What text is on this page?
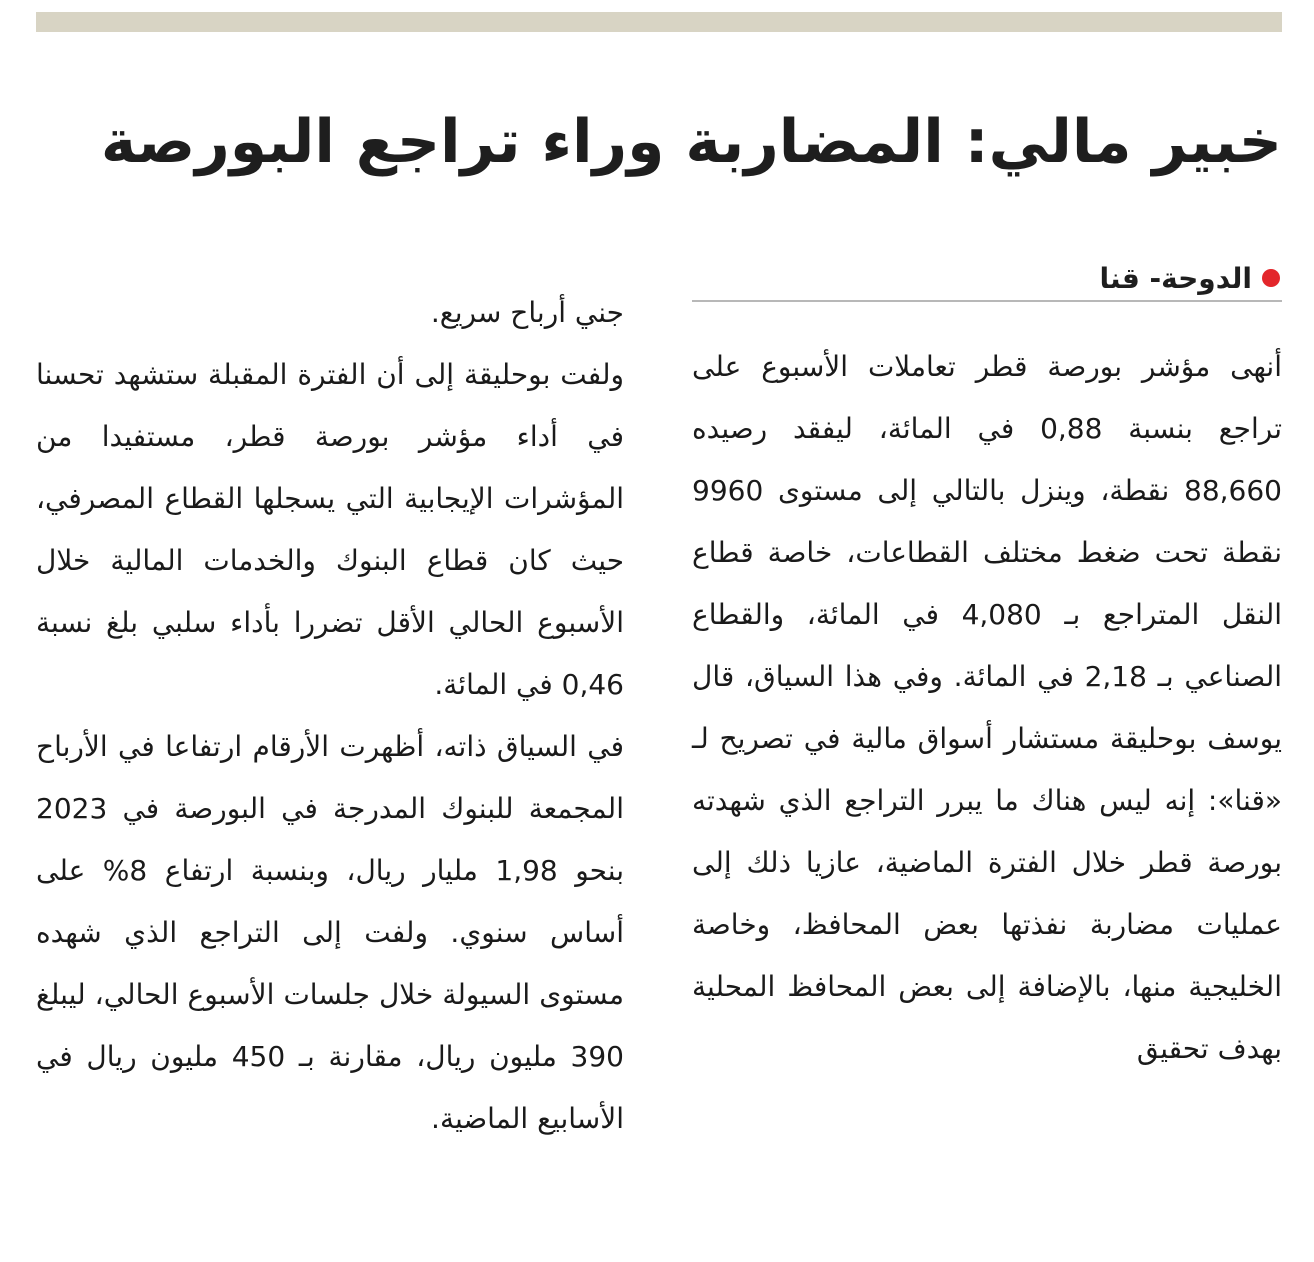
خبير مالي: المضاربة وراء تراجع البورصة
الدوحة- قنا

أنهى مؤشر بورصة قطر تعاملات الأسبوع على تراجع بنسبة 0,88 في المائة، ليفقد رصيده 88,660 نقطة، وينزل بالتالي إلى مستوى 9960 نقطة تحت ضغط مختلف القطاعات، خاصة قطاع النقل المتراجع بـ 4,080 في المائة، والقطاع الصناعي بـ 2,18 في المائة. وفي هذا السياق، قال يوسف بوحليقة مستشار أسواق مالية في تصريح لـ «قنا»: إنه ليس هناك ما يبرر التراجع الذي شهدته بورصة قطر خلال الفترة الماضية، عازيا ذلك إلى عمليات مضاربة نفذتها بعض المحافظ، وخاصة الخليجية منها، بالإضافة إلى بعض المحافظ المحلية بهدف تحقيق

جني أرباح سريع.

ولفت بوحليقة إلى أن الفترة المقبلة ستشهد تحسنا في أداء مؤشر بورصة قطر، مستفيدا من المؤشرات الإيجابية التي يسجلها القطاع المصرفي، حيث كان قطاع البنوك والخدمات المالية خلال الأسبوع الحالي الأقل تضررا بأداء سلبي بلغ نسبة 0,46 في المائة.

في السياق ذاته، أظهرت الأرقام ارتفاعا في الأرباح المجمعة للبنوك المدرجة في البورصة في 2023 بنحو 1,98 مليار ريال، وبنسبة ارتفاع 8% على أساس سنوي. ولفت إلى التراجع الذي شهده مستوى السيولة خلال جلسات الأسبوع الحالي، ليبلغ 390 مليون ريال، مقارنة بـ 450 مليون ريال في الأسابيع الماضية.
